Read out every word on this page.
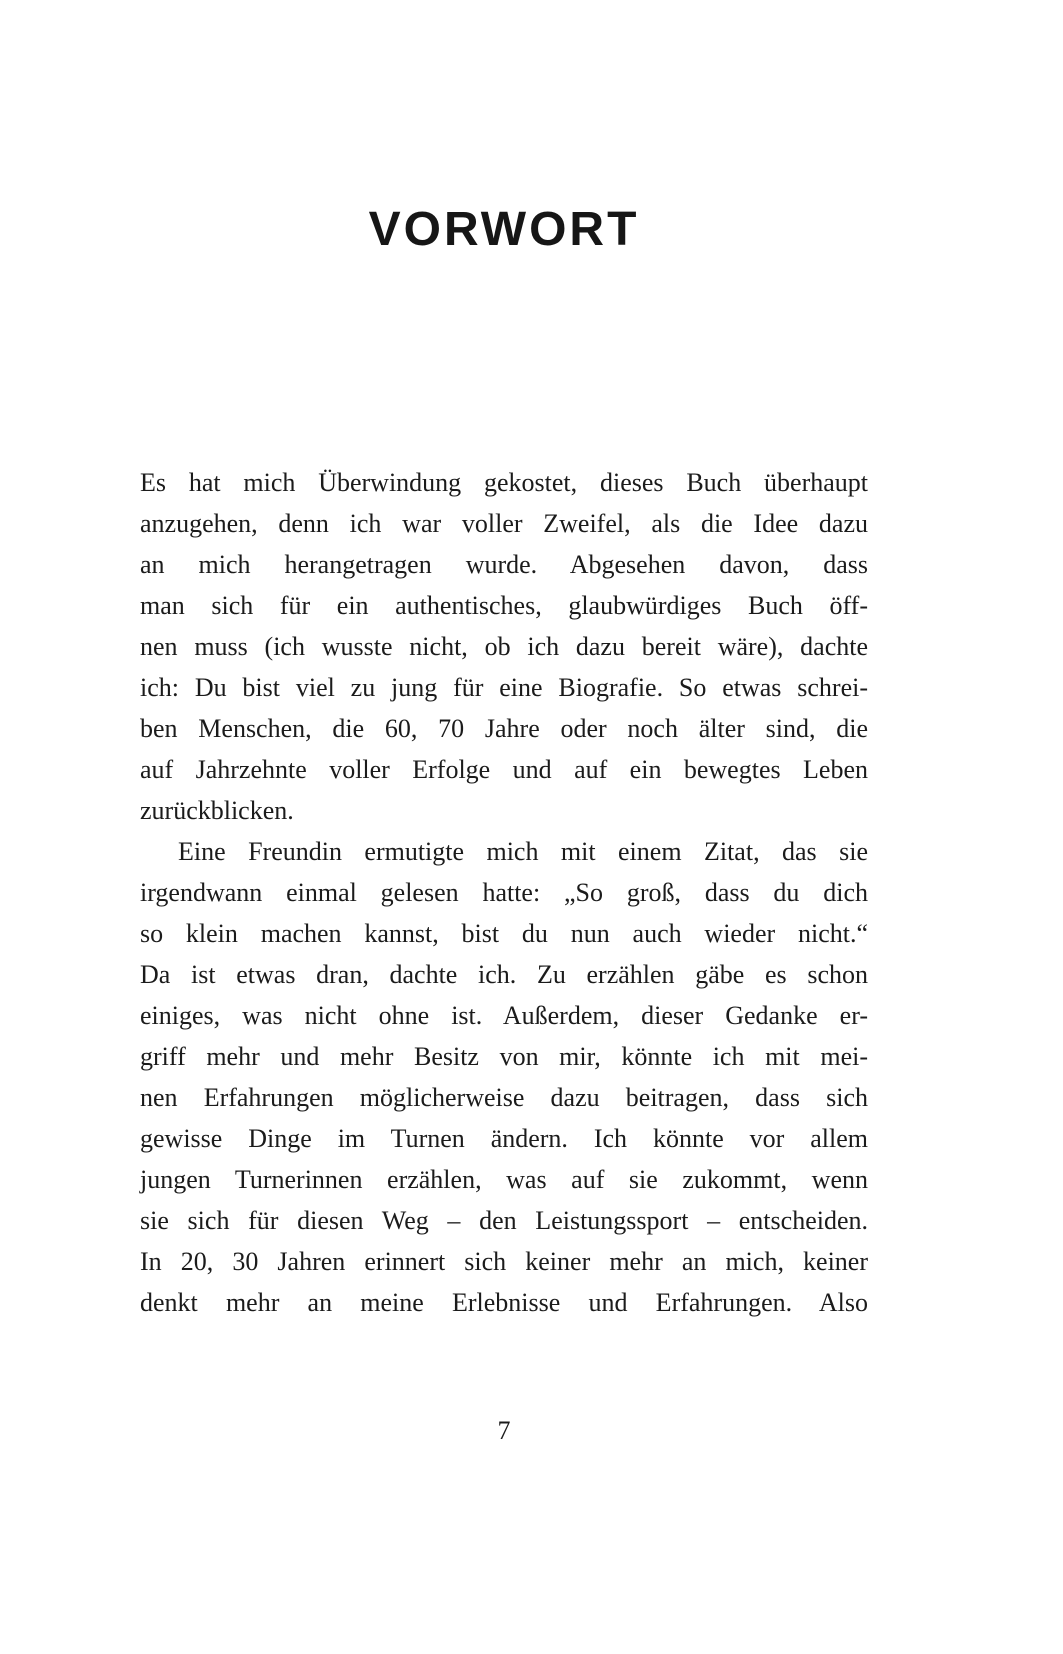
VORWORT
Es hat mich Überwindung gekostet, dieses Buch überhaupt
anzugehen, denn ich war voller Zweifel, als die Idee dazu
an mich herangetragen wurde. Abgesehen davon, dass
man sich für ein authentisches, glaubwürdiges Buch öff-
nen muss (ich wusste nicht, ob ich dazu bereit wäre), dachte
ich: Du bist viel zu jung für eine Biografie. So etwas schrei-
ben Menschen, die 60, 70 Jahre oder noch älter sind, die
auf Jahrzehnte voller Erfolge und auf ein bewegtes Leben
zurückblicken.
Eine Freundin ermutigte mich mit einem Zitat, das sie
irgendwann einmal gelesen hatte: „So groß, dass du dich
so klein machen kannst, bist du nun auch wieder nicht.“
Da ist etwas dran, dachte ich. Zu erzählen gäbe es schon
einiges, was nicht ohne ist. Außerdem, dieser Gedanke er-
griff mehr und mehr Besitz von mir, könnte ich mit mei-
nen Erfahrungen möglicherweise dazu beitragen, dass sich
gewisse Dinge im Turnen ändern. Ich könnte vor allem
jungen Turnerinnen erzählen, was auf sie zukommt, wenn
sie sich für diesen Weg – den Leistungssport – entscheiden.
In 20, 30 Jahren erinnert sich keiner mehr an mich, keiner
denkt mehr an meine Erlebnisse und Erfahrungen. Also
7
